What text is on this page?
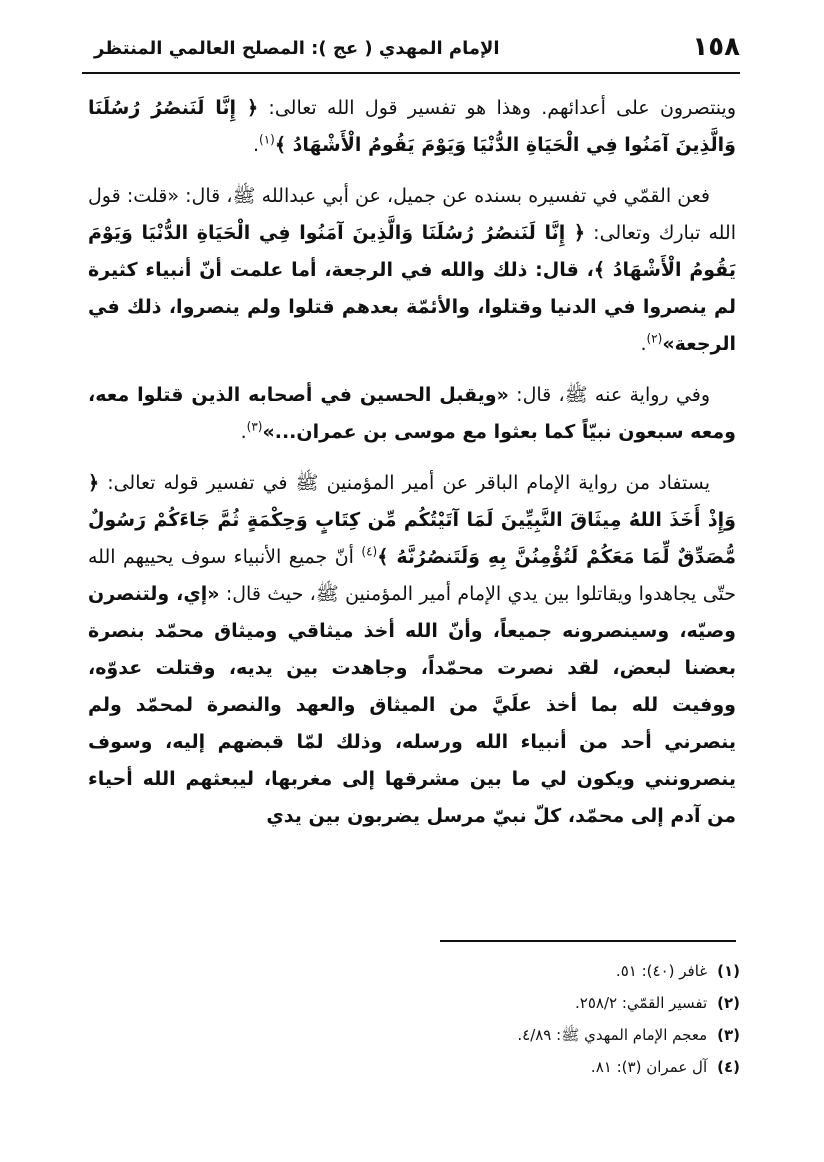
١٥٨
الإمام المهدي ( عج ): المصلح العالمي المنتظر

وينتصرون على أعدائهم. وهذا هو تفسير قول الله تعالى: ﴿ إِنَّا لَنَنصُرُ رُسُلَنَا وَالَّذِينَ آمَنُوا فِي الْحَيَاةِ الدُّنْيَا وَيَوْمَ يَقُومُ الْأَشْهَادُ ﴾$^{(١)}$.

فعن القمّي في تفسيره بسنده عن جميل، عن أبي عبدالله ﷺ، قال: «قلت: قول الله تبارك وتعالى: ﴿ إِنَّا لَنَنصُرُ رُسُلَنَا وَالَّذِينَ آمَنُوا فِي الْحَيَاةِ الدُّنْيَا وَيَوْمَ يَقُومُ الْأَشْهَادُ ﴾، قال: ذلك والله في الرجعة، أما علمت أنّ أنبياء كثيرة لم ينصروا في الدنيا وقتلوا، والأئمّة بعدهم قتلوا ولم ينصروا، ذلك في الرجعة»$^{(٢)}$.

وفي رواية عنه ﷺ، قال: «ويقبل الحسين في أصحابه الذين قتلوا معه، ومعه سبعون نبيّاً كما بعثوا مع موسى بن عمران...»$^{(٣)}$.

يستفاد من رواية الإمام الباقر عن أمير المؤمنين ﷺ في تفسير قوله تعالى: ﴿ وَإِذْ أَخَذَ اللهُ مِيثَاقَ النَّبِيِّينَ لَمَا آتَيْتُكُم مِّن كِتَابٍ وَحِكْمَةٍ ثُمَّ جَاءَكُمْ رَسُولٌ مُّصَدِّقٌ لِّمَا مَعَكُمْ لَتُؤْمِنُنَّ بِهِ وَلَتَنصُرُنَّهُ ﴾$^{(٤)}$ أنّ جميع الأنبياء سوف يحييهم الله حتّى يجاهدوا ويقاتلوا بين يدي الإمام أمير المؤمنين ﷺ، حيث قال: «إي، ولتنصرن وصيّه، وسينصرونه جميعاً، وأنّ الله أخذ ميثاقي وميثاق محمّد بنصرة بعضنا لبعض، لقد نصرت محمّداً، وجاهدت بين يديه، وقتلت عدوّه، ووفيت لله بما أخذ علَيَّ من الميثاق والعهد والنصرة لمحمّد ولم ينصرني أحد من أنبياء الله ورسله، وذلك لمّا قبضهم إليه، وسوف ينصرونني ويكون لي ما بين مشرقها إلى مغربها، ليبعثهم الله أحياء من آدم إلى محمّد، كلّ نبيّ مرسل يضربون بين يدي

(١)غافر (٤٠): ٥١.
(٢)تفسير القمّي: ٢٥٨/٢.
(٣)معجم الإمام المهدي ﷺ: ٤/٨٩.
(٤)آل عمران (٣): ٨١.
